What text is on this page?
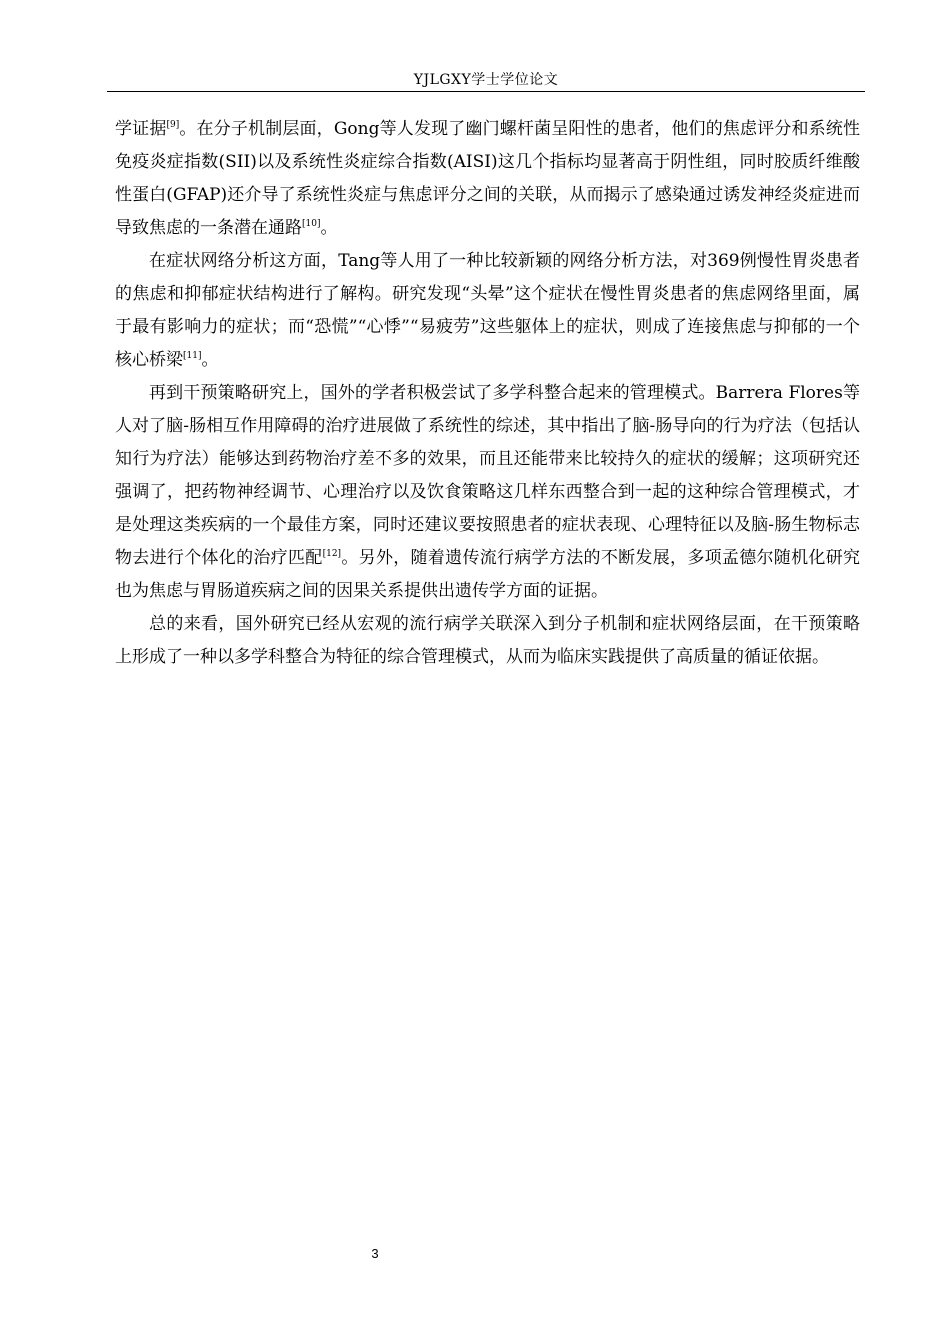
YJLGXY学士学位论文

学证据[9]。在分子机制层面，Gong等人发现了幽门螺杆菌呈阳性的患者，他们的焦虑评分和系统性免疫炎症指数(SII)以及系统性炎症综合指数(AISI)这几个指标均显著高于阴性组，同时胶质纤维酸性蛋白(GFAP)还介导了系统性炎症与焦虑评分之间的关联，从而揭示了感染通过诱发神经炎症进而导致焦虑的一条潜在通路[10]。

在症状网络分析这方面，Tang等人用了一种比较新颖的网络分析方法，对369例慢性胃炎患者的焦虑和抑郁症状结构进行了解构。研究发现“头晕”这个症状在慢性胃炎患者的焦虑网络里面，属于最有影响力的症状；而“恐慌”“心悸”“易疲劳”这些躯体上的症状，则成了连接焦虑与抑郁的一个核心桥梁[11]。

再到干预策略研究上，国外的学者积极尝试了多学科整合起来的管理模式。Barrera Flores等人对了脑-肠相互作用障碍的治疗进展做了系统性的综述，其中指出了脑-肠导向的行为疗法（包括认知行为疗法）能够达到药物治疗差不多的效果，而且还能带来比较持久的症状的缓解；这项研究还强调了，把药物神经调节、心理治疗以及饮食策略这几样东西整合到一起的这种综合管理模式，才是处理这类疾病的一个最佳方案，同时还建议要按照患者的症状表现、心理特征以及脑-肠生物标志物去进行个体化的治疗匹配[12]。另外，随着遗传流行病学方法的不断发展，多项孟德尔随机化研究也为焦虑与胃肠道疾病之间的因果关系提供出遗传学方面的证据。

总的来看，国外研究已经从宏观的流行病学关联深入到分子机制和症状网络层面，在干预策略上形成了一种以多学科整合为特征的综合管理模式，从而为临床实践提供了高质量的循证依据。

3
